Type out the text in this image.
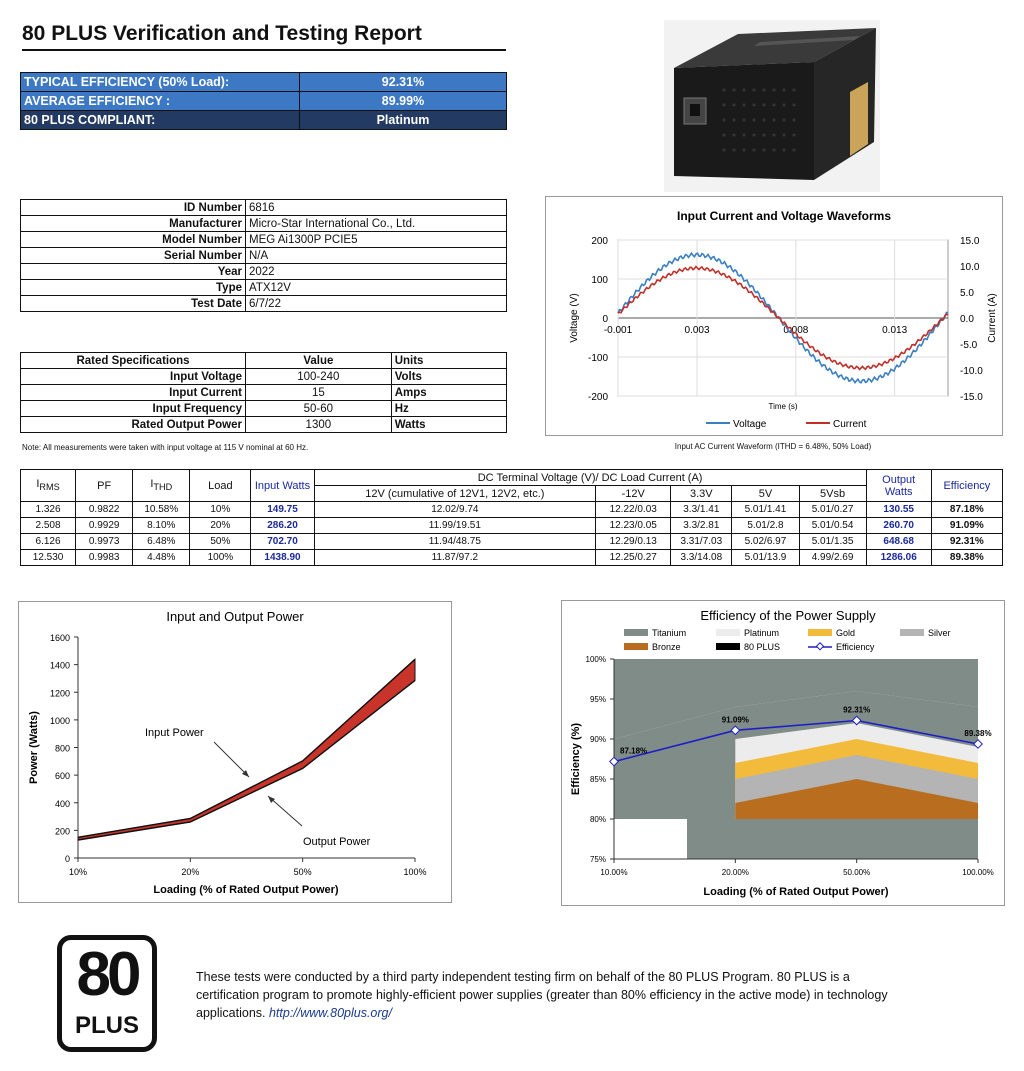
80 PLUS Verification and Testing Report
TYPICAL EFFICIENCY (50% Load):	92.31%
AVERAGE EFFICIENCY :	89.99%
80 PLUS COMPLIANT:	Platinum
ID Number	6816
Manufacturer	Micro-Star International Co., Ltd.
Model Number	MEG Ai1300P PCIE5
Serial Number	N/A
Year	2022
Type	ATX12V
Test Date	6/7/22
Rated Specifications	Value	Units
Input Voltage	100-240	Volts
Input Current	15	Amps
Input Frequency	50-60	Hz
Rated Output Power	1300	Watts
Note: All measurements were taken with input voltage at 115 V nominal at 60 Hz.
Input Current and Voltage Waveforms
200
100
0
-100
-200
15.0
10.0
5.0
0.0
-5.0
-10.0
-15.0
-0.001	0.003	0.008	0.013
Time (s)
Voltage (V)	Current (A)
Voltage	Current
Input AC Current Waveform (ITHD = 6.48%, 50% Load)
$I_{RMS}$	PF	$I_{THD}$	Load	Input Watts	DC Terminal Voltage (V)/ DC Load Current (A)					Output Watts	Efficiency
					12V (cumulative of 12V1, 12V2, etc.)	-12V	3.3V	5V	5Vsb		
1.326	0.9822	10.58%	10%	149.75	12.02/9.74	12.22/0.03	3.3/1.41	5.01/1.41	5.01/0.27	130.55	87.18%
2.508	0.9929	8.10%	20%	286.20	11.99/19.51	12.23/0.05	3.3/2.81	5.01/2.8	5.01/0.54	260.70	91.09%
6.126	0.9973	6.48%	50%	702.70	11.94/48.75	12.29/0.13	3.31/7.03	5.02/6.97	5.01/1.35	648.68	92.31%
12.530	0.9983	4.48%	100%	1438.90	11.87/97.2	12.25/0.27	3.3/14.08	5.01/13.9	4.99/2.69	1286.06	89.38%
Input and Output Power
1600
1400
1200
1000
800
600
400
200
0
10%	20%	50%	100%
Input Power
Output Power
Loading (% of Rated Output Power)
Power (Watts)
Efficiency of the Power Supply
Titanium	Platinum	Gold	Silver
Bronze	80 PLUS	Efficiency
100%
95%
90%
85%
80%
75%
10.00%	20.00%	50.00%	100.00%
87.18%
91.09%
92.31%
89.38%
Loading (% of Rated Output Power)
Efficiency (%)
80
PLUS
These tests were conducted by a third party independent testing firm on behalf of the 80 PLUS Program. 80 PLUS is a certification program to promote highly-efficient power supplies (greater than 80% efficiency in the active mode) in technology applications. http://www.80plus.org/
